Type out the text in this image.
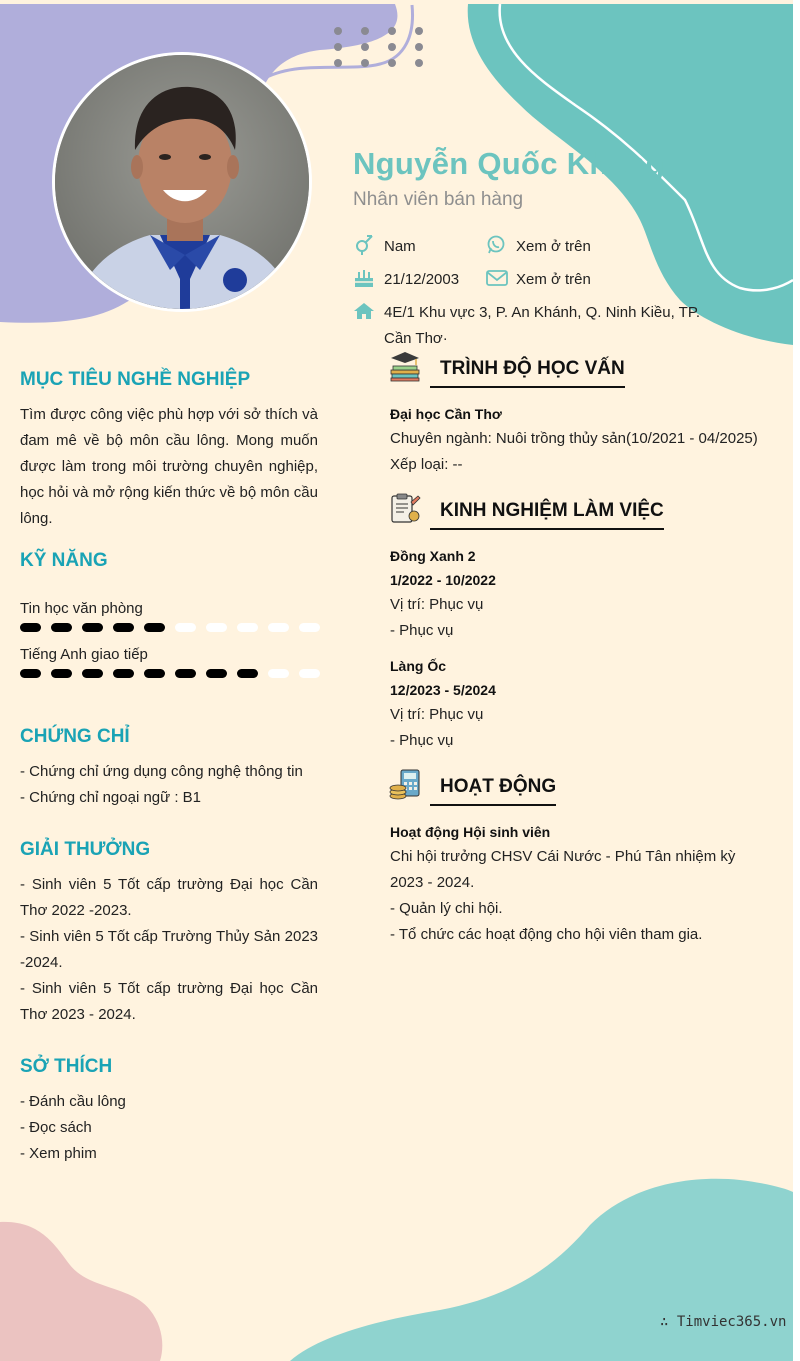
Nguyễn Quốc Khang
Nhân viên bán hàng
Nam	Xem ở trên
21/12/2003	Xem ở trên
4E/1 Khu vực 3, P. An Khánh, Q. Ninh Kiều, TP.
Cần Thơ·
MỤC TIÊU NGHỀ NGHIỆP
Tìm được công việc phù hợp với sở thích và đam mê về bộ môn cầu lông. Mong muốn được làm trong môi trường chuyên nghiệp, học hỏi và mở rộng kiến thức về bộ môn cầu lông.
KỸ NĂNG
Tin học văn phòng
Tiếng Anh giao tiếp
CHỨNG CHỈ
- Chứng chỉ ứng dụng công nghệ thông tin
- Chứng chỉ ngoại ngữ : B1
GIẢI THƯỞNG
- Sinh viên 5 Tốt cấp trường Đại học Cần Thơ 2022 -2023.
- Sinh viên 5 Tốt cấp Trường Thủy Sản 2023 -2024.
- Sinh viên 5 Tốt cấp trường Đại học Cần Thơ 2023 - 2024.
SỞ THÍCH
- Đánh cầu lông
- Đọc sách
- Xem phim
TRÌNH ĐỘ HỌC VẤN
Đại học Cần Thơ
Chuyên ngành: Nuôi trồng thủy sản(10/2021 - 04/2025)
Xếp loại: --
KINH NGHIỆM LÀM VIỆC
Đồng Xanh 2
1/2022 - 10/2022
Vị trí: Phục vụ
- Phục vụ
Làng Ốc
12/2023 - 5/2024
Vị trí: Phục vụ
- Phục vụ
HOẠT ĐỘNG
Hoạt động Hội sinh viên
Chi hội trưởng CHSV Cái Nước - Phú Tân nhiệm kỳ 2023 - 2024.
- Quản lý chi hội.
- Tổ chức các hoạt động cho hội viên tham gia.
∴ Timviec365.vn
